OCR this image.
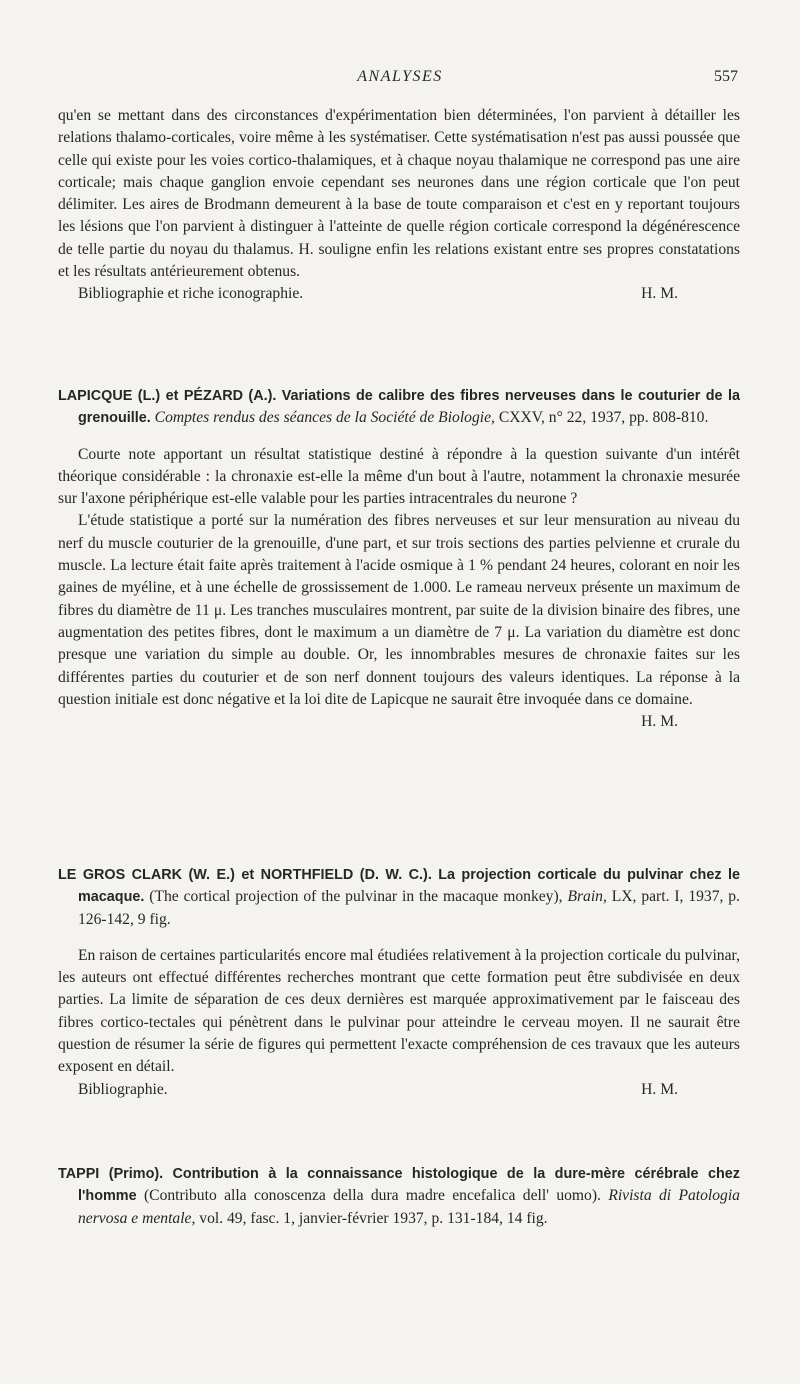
ANALYSES	557

qu'en se mettant dans des circonstances d'expérimentation bien déterminées, l'on parvient à détailler les relations thalamo-corticales, voire même à les systématiser. Cette systématisation n'est pas aussi poussée que celle qui existe pour les voies cortico-thalamiques, et à chaque noyau thalamique ne correspond pas une aire corticale; mais chaque ganglion envoie cependant ses neurones dans une région corticale que l'on peut délimiter. Les aires de Brodmann demeurent à la base de toute comparaison et c'est en y reportant toujours les lésions que l'on parvient à distinguer à l'atteinte de quelle région corticale correspond la dégénérescence de telle partie du noyau du thalamus. H. souligne enfin les relations existant entre ses propres constatations et les résultats antérieurement obtenus.

Bibliographie et riche iconographie.	H. M.

LAPICQUE (L.) et PÉZARD (A.). Variations de calibre des fibres nerveuses dans le couturier de la grenouille. Comptes rendus des séances de la Société de Biologie, CXXV, n° 22, 1937, pp. 808-810.

Courte note apportant un résultat statistique destiné à répondre à la question suivante d'un intérêt théorique considérable : la chronaxie est-elle la même d'un bout à l'autre, notamment la chronaxie mesurée sur l'axone périphérique est-elle valable pour les parties intracentrales du neurone ?

L'étude statistique a porté sur la numération des fibres nerveuses et sur leur mensuration au niveau du nerf du muscle couturier de la grenouille, d'une part, et sur trois sections des parties pelvienne et crurale du muscle. La lecture était faite après traitement à l'acide osmique à 1 % pendant 24 heures, colorant en noir les gaines de myéline, et à une échelle de grossissement de 1.000. Le rameau nerveux présente un maximum de fibres du diamètre de 11 μ. Les tranches musculaires montrent, par suite de la division binaire des fibres, une augmentation des petites fibres, dont le maximum a un diamètre de 7 μ. La variation du diamètre est donc presque une variation du simple au double. Or, les innombrables mesures de chronaxie faites sur les différentes parties du couturier et de son nerf donnent toujours des valeurs identiques. La réponse à la question initiale est donc négative et la loi dite de Lapicque ne saurait être invoquée dans ce domaine.

H. M.

LE GROS CLARK (W. E.) et NORTHFIELD (D. W. C.). La projection corticale du pulvinar chez le macaque. (The cortical projection of the pulvinar in the macaque monkey), Brain, LX, part. I, 1937, p. 126-142, 9 fig.

En raison de certaines particularités encore mal étudiées relativement à la projection corticale du pulvinar, les auteurs ont effectué différentes recherches montrant que cette formation peut être subdivisée en deux parties. La limite de séparation de ces deux dernières est marquée approximativement par le faisceau des fibres cortico-tectales qui pénètrent dans le pulvinar pour atteindre le cerveau moyen. Il ne saurait être question de résumer la série de figures qui permettent l'exacte compréhension de ces travaux que les auteurs exposent en détail.

Bibliographie.	H. M.

TAPPI (Primo). Contribution à la connaissance histologique de la dure-mère cérébrale chez l'homme (Contributo alla conoscenza della dura madre encefalica dell' uomo). Rivista di Patologia nervosa e mentale, vol. 49, fasc. 1, janvier-février 1937, p. 131-184, 14 fig.
